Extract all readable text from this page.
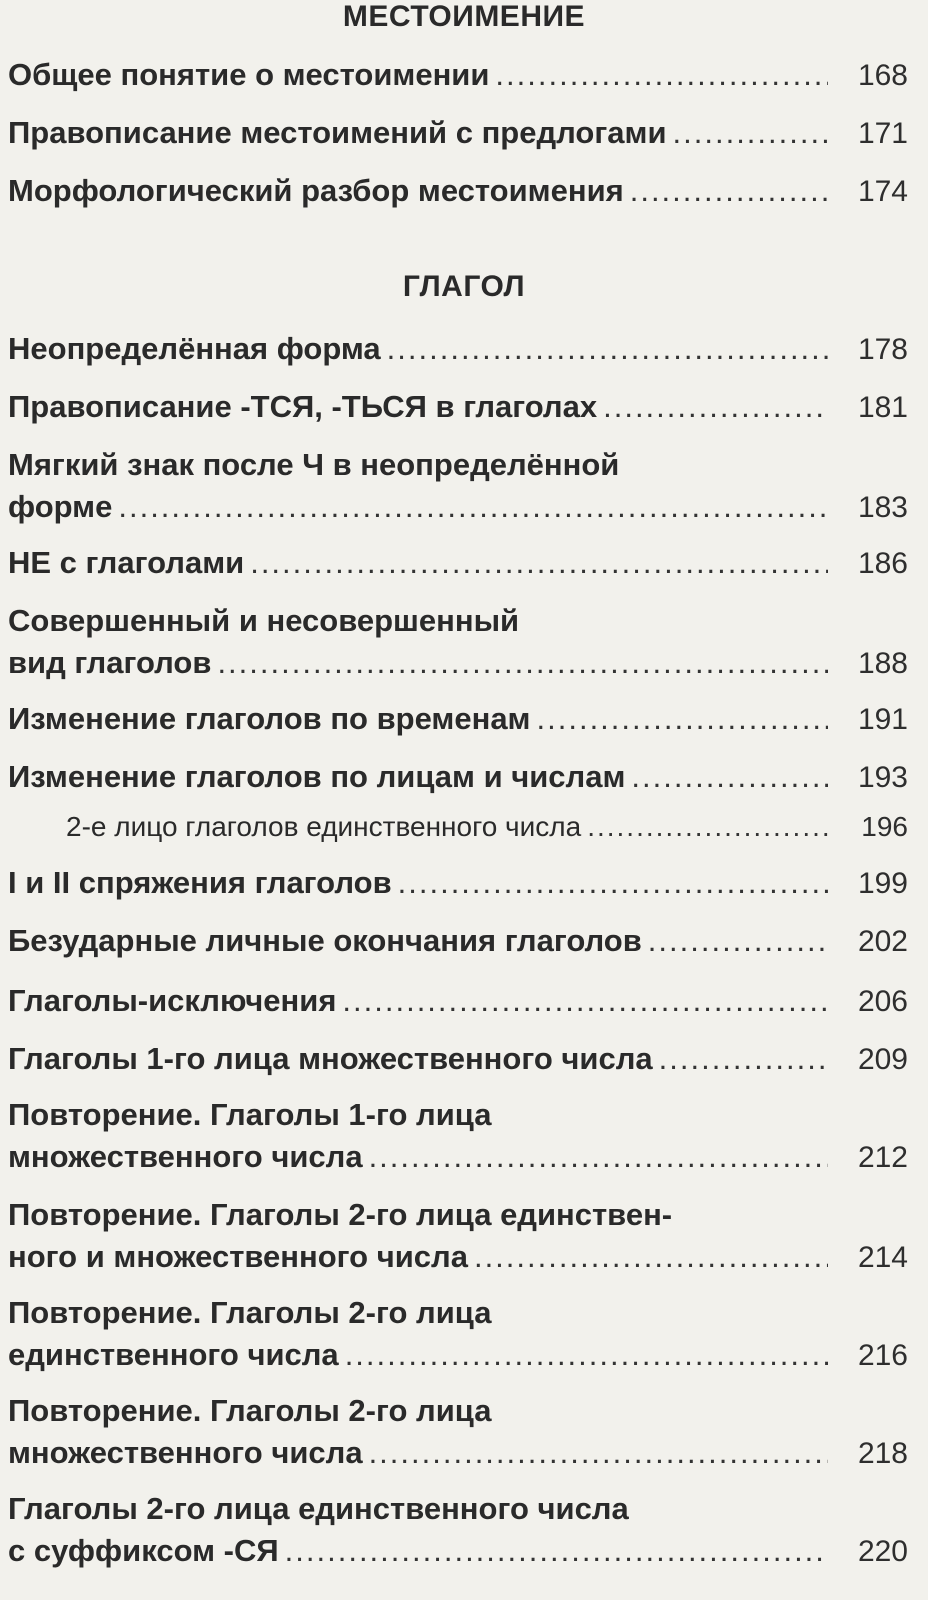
МЕСТОИМЕНИЕ
Общее понятие о местоимении .....	168
Правописание местоимений с предлогами .....	171
Морфологический разбор местоимения .....	174
ГЛАГОЛ
Неопределённая форма .....	178
Правописание -ТСЯ, -ТЬСЯ в глаголах .....	181
Мягкий знак после Ч в неопределённой
форме .....	183
НЕ с глаголами .....	186
Совершенный и несовершенный
вид глаголов .....	188
Изменение глаголов по временам .....	191
Изменение глаголов по лицам и числам .....	193
2-е лицо глаголов единственного числа .....	196
I и II спряжения глаголов .....	199
Безударные личные окончания глаголов .....	202
Глаголы-исключения .....	206
Глаголы 1-го лица множественного числа .....	209
Повторение. Глаголы 1-го лица
множественного числа .....	212
Повторение. Глаголы 2-го лица единствен-
ного и множественного числа .....	214
Повторение. Глаголы 2-го лица
единственного числа .....	216
Повторение. Глаголы 2-го лица
множественного числа .....	218
Глаголы 2-го лица единственного числа
с суффиксом -СЯ .....	220
